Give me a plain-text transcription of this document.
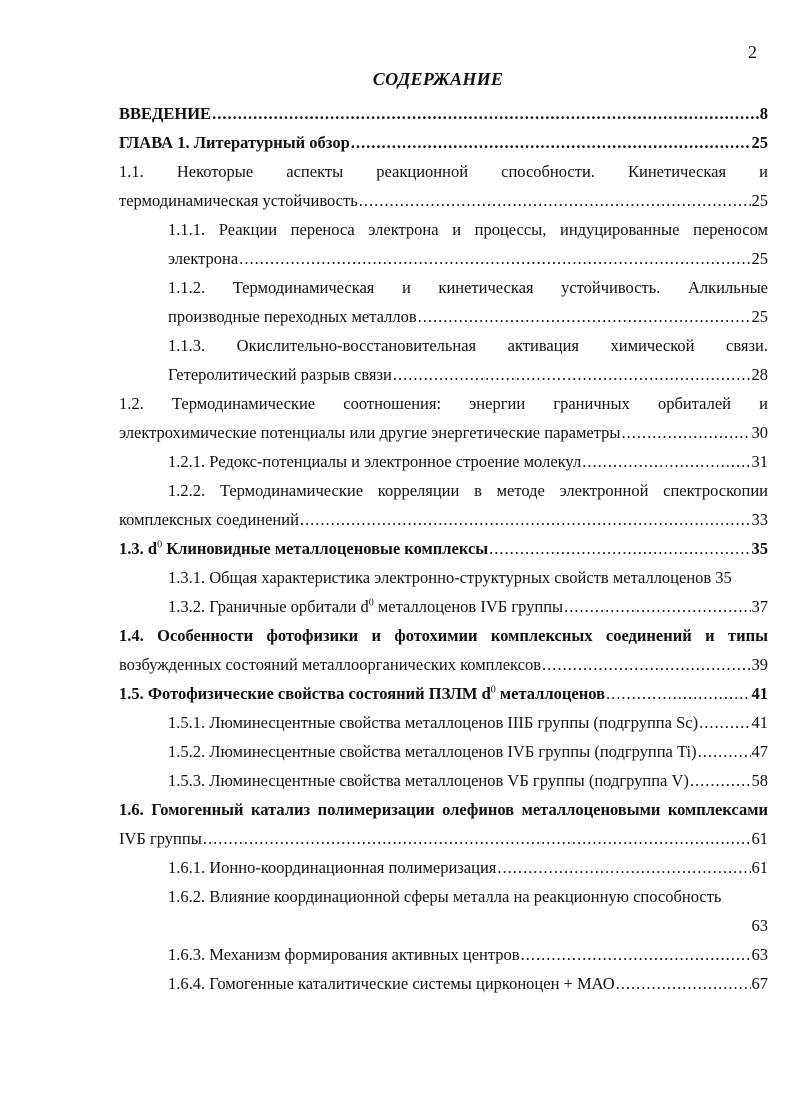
2
СОДЕРЖАНИЕ
ВВЕДЕНИЕ .....	8
ГЛАВА 1. Литературный обзор .....	25
1.1. Некоторые аспекты реакционной способности. Кинетическая и
термодинамическая устойчивость .....	25
1.1.1. Реакции переноса электрона и процессы, индуцированные переносом
электрона .....	25
1.1.2. Термодинамическая и кинетическая устойчивость. Алкильные
производные переходных металлов .....	25
1.1.3. Окислительно-восстановительная активация химической связи.
Гетеролитический разрыв связи .....	28
1.2. Термодинамические соотношения: энергии граничных орбиталей и
электрохимические потенциалы или другие энергетические параметры .....	30
1.2.1. Редокс-потенциалы и электронное строение молекул .....	31
1.2.2. Термодинамические корреляции в методе электронной спектроскопии
комплексных соединений .....	33
1.3. $d^0$ Клиновидные металлоценовые комплексы .....	35
1.3.1. Общая характеристика электронно-структурных свойств металлоценов 35
1.3.2. Граничные орбитали $d^0$ металлоценов IVБ группы .....	37
1.4. Особенности фотофизики и фотохимии комплексных соединений и типы
возбужденных состояний металлоорганических комплексов .....	39
1.5. Фотофизические свойства состояний ПЗЛМ $d^0$ металлоценов .....	41
1.5.1. Люминесцентные свойства металлоценов IIIБ группы (подгруппа Sc) .....	41
1.5.2. Люминесцентные свойства металлоценов IVБ группы (подгруппа Ti) .....	47
1.5.3. Люминесцентные свойства металлоценов VБ группы (подгруппа V) .....	58
1.6. Гомогенный катализ полимеризации олефинов металлоценовыми комплексами
IVБ группы .....	61
1.6.1. Ионно-координационная полимеризация .....	61
1.6.2. Влияние координационной сферы металла на реакционную способность
63
1.6.3. Механизм формирования активных центров .....	63
1.6.4. Гомогенные каталитические системы цирконоцен + МАО .....	67
